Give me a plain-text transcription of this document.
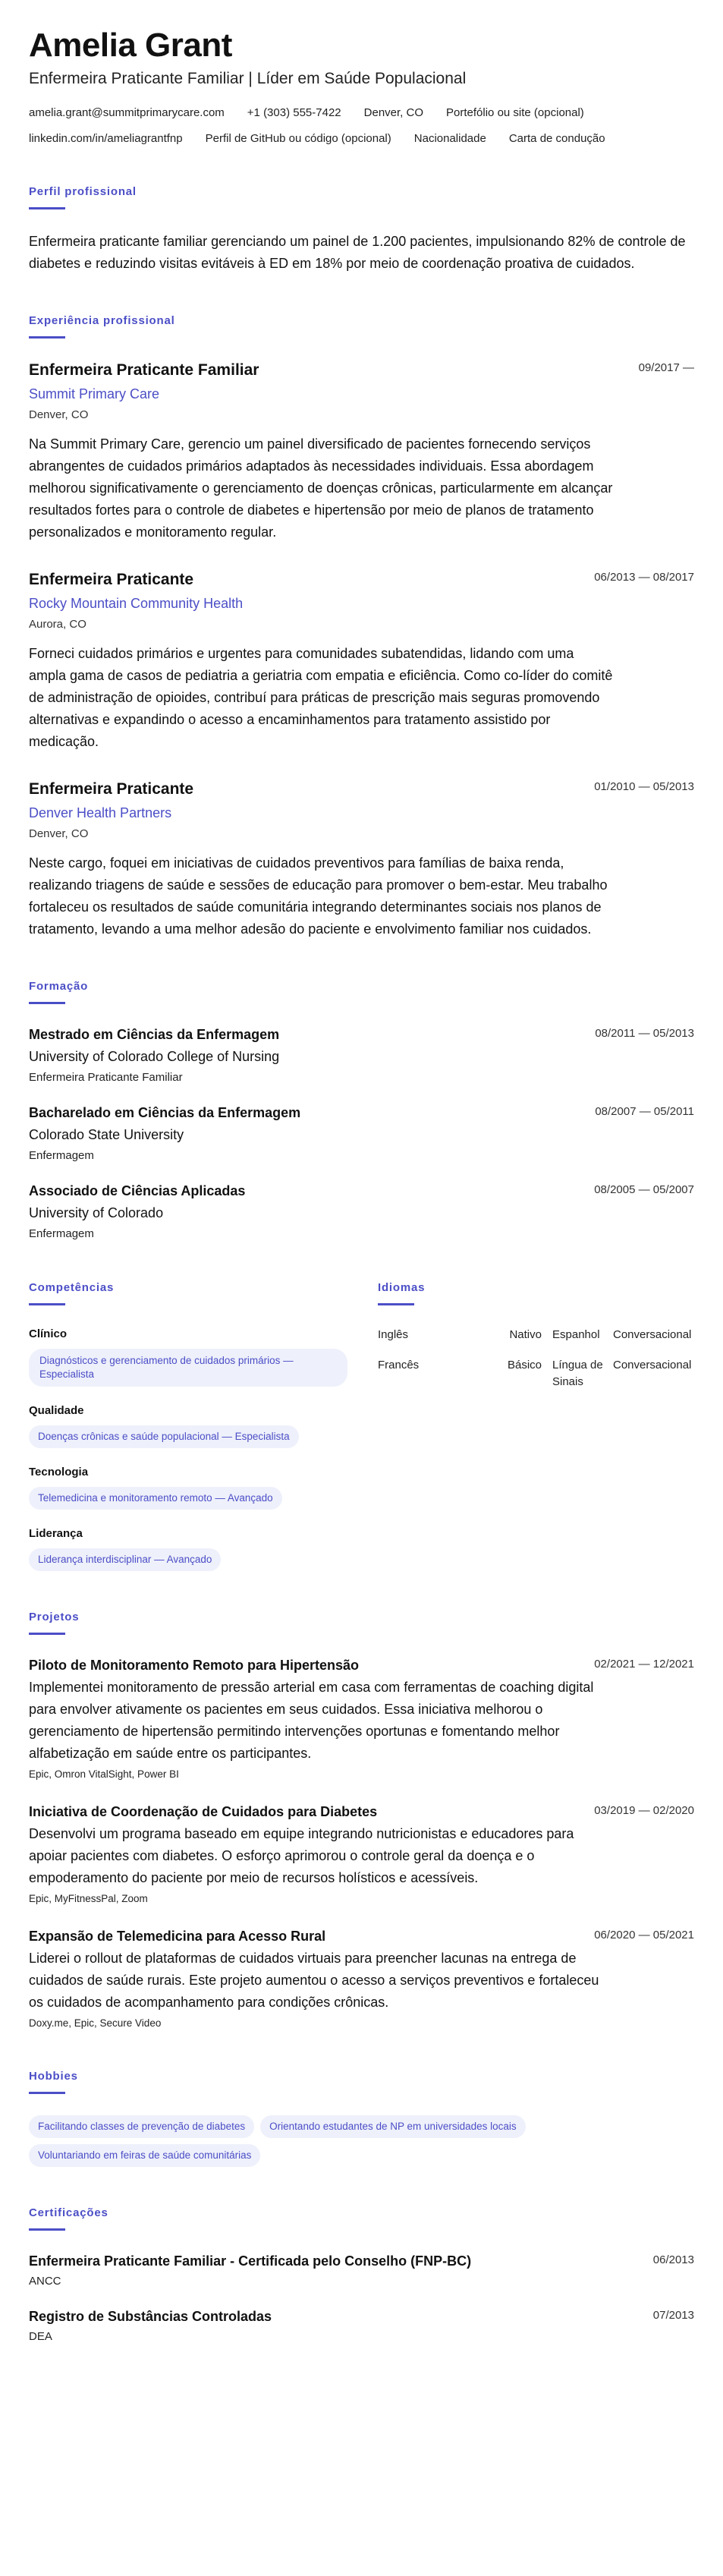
Amelia Grant
Enfermeira Praticante Familiar | Líder em Saúde Populacional
amelia.grant@summitprimarycare.com +1 (303) 555-7422 Denver, CO Portefólio ou site (opcional)
linkedin.com/in/ameliagrantfnp Perfil de GitHub ou código (opcional) Nacionalidade Carta de condução
Perfil profissional

Enfermeira praticante familiar gerenciando um painel de 1.200 pacientes, impulsionando 82% de controle de diabetes e reduzindo visitas evitáveis à ED em 18% por meio de coordenação proativa de cuidados.

Experiência profissional
09/2017 —
Enfermeira Praticante Familiar
Summit Primary Care
Denver, CO

Na Summit Primary Care, gerencio um painel diversificado de pacientes fornecendo serviços abrangentes de cuidados primários adaptados às necessidades individuais. Essa abordagem melhorou significativamente o gerenciamento de doenças crônicas, particularmente em alcançar resultados fortes para o controle de diabetes e hipertensão por meio de planos de tratamento personalizados e monitoramento regular.

06/2013 — 08/2017
Enfermeira Praticante
Rocky Mountain Community Health
Aurora, CO

Forneci cuidados primários e urgentes para comunidades subatendidas, lidando com uma ampla gama de casos de pediatria a geriatria com empatia e eficiência. Como co-líder do comitê de administração de opioides, contribuí para práticas de prescrição mais seguras promovendo alternativas e expandindo o acesso a encaminhamentos para tratamento assistido por medicação.

01/2010 — 05/2013
Enfermeira Praticante
Denver Health Partners
Denver, CO

Neste cargo, foquei em iniciativas de cuidados preventivos para famílias de baixa renda, realizando triagens de saúde e sessões de educação para promover o bem-estar. Meu trabalho fortaleceu os resultados de saúde comunitária integrando determinantes sociais nos planos de tratamento, levando a uma melhor adesão do paciente e envolvimento familiar nos cuidados.

Formação
08/2011 — 05/2013
Mestrado em Ciências da Enfermagem
University of Colorado College of Nursing
Enfermeira Praticante Familiar
08/2007 — 05/2011
Bacharelado em Ciências da Enfermagem
Colorado State University
Enfermagem
08/2005 — 05/2007
Associado de Ciências Aplicadas
University of Colorado
Enfermagem
Competências
Clínico
Diagnósticos e gerenciamento de cuidados primários — Especialista
Qualidade
Doenças crônicas e saúde populacional — Especialista
Tecnologia
Telemedicina e monitoramento remoto — Avançado
Liderança
Liderança interdisciplinar — Avançado
Idiomas
Inglês	Nativo	Espanhol	Conversacional
Francês	Básico	Língua de Sinais	Conversacional
Projetos
02/2021 — 12/2021
Piloto de Monitoramento Remoto para Hipertensão

Implementei monitoramento de pressão arterial em casa com ferramentas de coaching digital para envolver ativamente os pacientes em seus cuidados. Essa iniciativa melhorou o gerenciamento de hipertensão permitindo intervenções oportunas e fomentando melhor alfabetização em saúde entre os participantes.

Epic, Omron VitalSight, Power BI
03/2019 — 02/2020
Iniciativa de Coordenação de Cuidados para Diabetes

Desenvolvi um programa baseado em equipe integrando nutricionistas e educadores para apoiar pacientes com diabetes. O esforço aprimorou o controle geral da doença e o empoderamento do paciente por meio de recursos holísticos e acessíveis.

Epic, MyFitnessPal, Zoom
06/2020 — 05/2021
Expansão de Telemedicina para Acesso Rural

Liderei o rollout de plataformas de cuidados virtuais para preencher lacunas na entrega de cuidados de saúde rurais. Este projeto aumentou o acesso a serviços preventivos e fortaleceu os cuidados de acompanhamento para condições crônicas.

Doxy.me, Epic, Secure Video
Hobbies
Facilitando classes de prevenção de diabetes	Orientando estudantes de NP em universidades locais
Voluntariando em feiras de saúde comunitárias
Certificações
06/2013
Enfermeira Praticante Familiar - Certificada pelo Conselho (FNP-BC)
ANCC
07/2013
Registro de Substâncias Controladas
DEA
